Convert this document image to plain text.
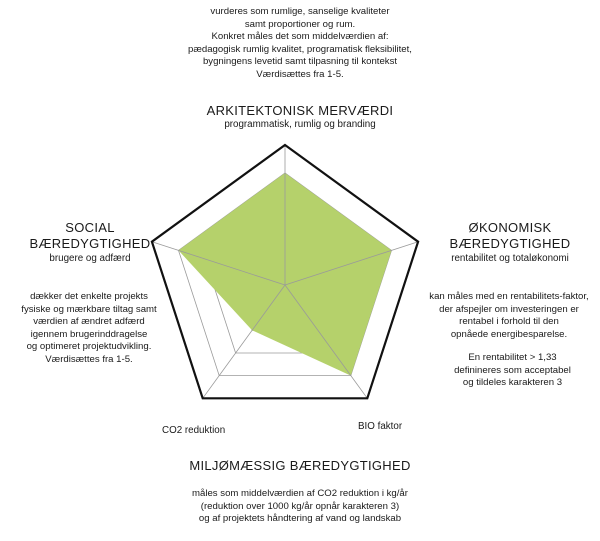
vurderes som rumlige, sanselige kvaliteter
samt proportioner og rum.
Konkret måles det som middelværdien af:
pædagogisk rumlig kvalitet, programatisk fleksibilitet,
bygningens levetid samt tilpasning til kontekst
Værdisættes fra 1-5.
ARKITEKTONISK MERVÆRDI
programmatisk, rumlig og branding
SOCIAL
BÆREDYGTIGHED
brugere og adfærd
dækker det enkelte projekts
fysiske og mærkbare tiltag samt
værdien af ændret adfærd
igennem brugerinddragelse
og optimeret projektudvikling.
Værdisættes fra 1-5.
ØKONOMISK
BÆREDYGTIGHED
rentabilitet og totaløkonomi
kan måles med en rentabilitets-faktor,
der afspejler om investeringen er
rentabel i forhold til den
opnåede energibesparelse.
En rentabilitet > 1,33
definineres som acceptabel
og tildeles karakteren 3
CO2 reduktion	BIO faktor
MILJØMÆSSIG BÆREDYGTIGHED
måles som middelværdien af CO2 reduktion i kg/år
(reduktion over 1000 kg/år opnår karakteren 3)
og af projektets håndtering af vand og landskab
